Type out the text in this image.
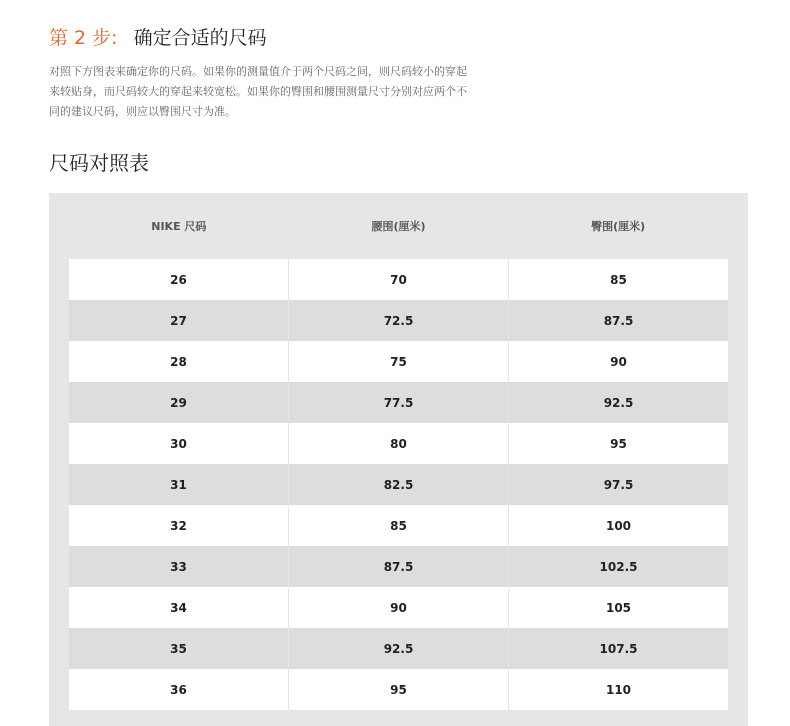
第 2 步: 确定合适的尺码

对照下方图表来确定你的尺码。如果你的测量值介于两个尺码之间，则尺码较小的穿起
来较贴身，而尺码较大的穿起来较宽松。如果你的臀围和腰围测量尺寸分别对应两个不
同的建议尺码，则应以臀围尺寸为准。

尺码对照表
NIKE 尺码	腰围(厘米)	臀围(厘米)
26	70	85
27	72.5	87.5
28	75	90
29	77.5	92.5
30	80	95
31	82.5	97.5
32	85	100
33	87.5	102.5
34	90	105
35	92.5	107.5
36	95	110
